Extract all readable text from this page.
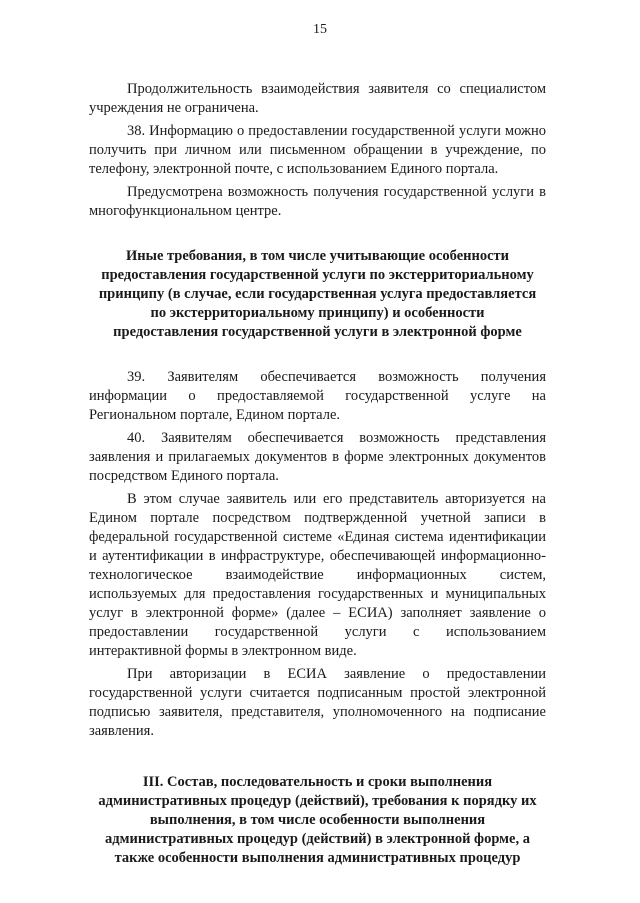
15

Продолжительность взаимодействия заявителя со специалистом учреждения не ограничена.

38. Информацию о предоставлении государственной услуги можно получить при личном или письменном обращении в учреждение, по телефону, электронной почте, с использованием Единого портала.

Предусмотрена возможность получения государственной услуги в многофункциональном центре.

Иные требования, в том числе учитывающие особенности
предоставления государственной услуги по экстерриториальному
принципу (в случае, если государственная услуга предоставляется
по экстерриториальному принципу) и особенности
предоставления государственной услуги в электронной форме

39. Заявителям обеспечивается возможность получения информации о предоставляемой государственной услуге на Региональном портале, Едином портале.

40. Заявителям обеспечивается возможность представления заявления и прилагаемых документов в форме электронных документов посредством Единого портала.

В этом случае заявитель или его представитель авторизуется на Едином портале посредством подтвержденной учетной записи в федеральной государственной системе «Единая система идентификации и аутентификации в инфраструктуре, обеспечивающей информационно-технологическое взаимодействие информационных систем, используемых для предоставления государственных и муниципальных услуг в электронной форме» (далее – ЕСИА) заполняет заявление о предоставлении государственной услуги с использованием интерактивной формы в электронном виде.

При авторизации в ЕСИА заявление о предоставлении государственной услуги считается подписанным простой электронной подписью заявителя, представителя, уполномоченного на подписание заявления.

III. Состав, последовательность и сроки выполнения
административных процедур (действий), требования к порядку их
выполнения, в том числе особенности выполнения
административных процедур (действий) в электронной форме, а
также особенности выполнения административных процедур
